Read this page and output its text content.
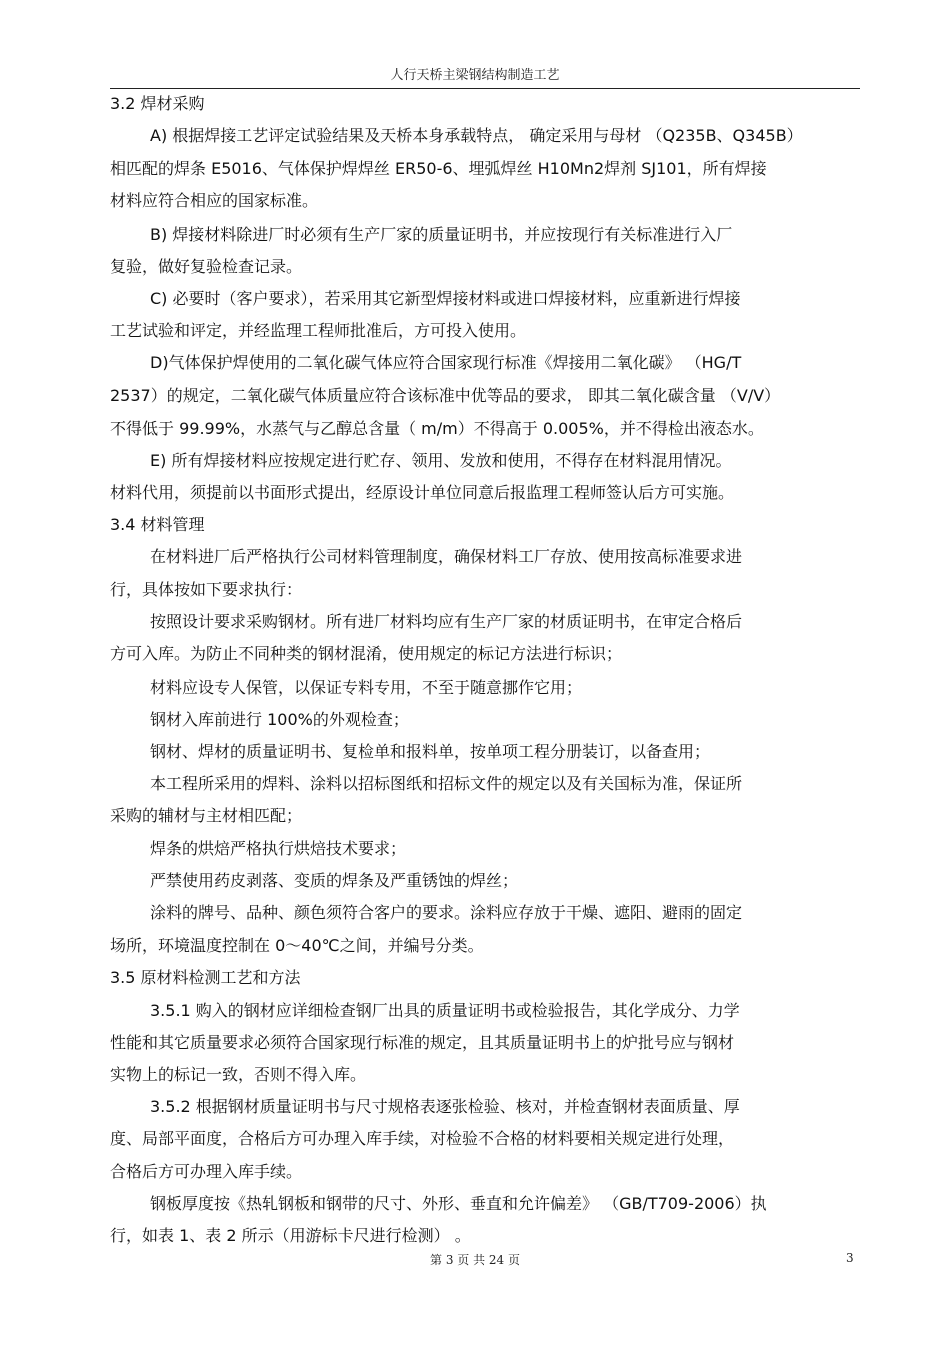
人行天桥主梁钢结构制造工艺
3.2 焊材采购
A) 根据焊接工艺评定试验结果及天桥本身承载特点， 确定采用与母材 （Q235B、Q345B）
相匹配的焊条 E5016、气体保护焊焊丝 ER50-6、埋弧焊丝 H10Mn2焊剂 SJ101，所有焊接
材料应符合相应的国家标准。
B) 焊接材料除进厂时必须有生产厂家的质量证明书，并应按现行有关标准进行入厂
复验，做好复验检查记录。
C) 必要时（客户要求），若采用其它新型焊接材料或进口焊接材料，应重新进行焊接
工艺试验和评定，并经监理工程师批准后，方可投入使用。
D)气体保护焊使用的二氧化碳气体应符合国家现行标准《焊接用二氧化碳》 （HG/T
2537）的规定，二氧化碳气体质量应符合该标准中优等品的要求， 即其二氧化碳含量 （V/V）
不得低于 99.99%，水蒸气与乙醇总含量（ m/m）不得高于 0.005%，并不得检出液态水。
E) 所有焊接材料应按规定进行贮存、领用、发放和使用，不得存在材料混用情况。
材料代用，须提前以书面形式提出，经原设计单位同意后报监理工程师签认后方可实施。
3.4 材料管理
在材料进厂后严格执行公司材料管理制度，确保材料工厂存放、使用按高标准要求进
行，具体按如下要求执行：
按照设计要求采购钢材。所有进厂材料均应有生产厂家的材质证明书，在审定合格后
方可入库。为防止不同种类的钢材混淆，使用规定的标记方法进行标识；
材料应设专人保管，以保证专料专用，不至于随意挪作它用；
钢材入库前进行 100%的外观检查；
钢材、焊材的质量证明书、复检单和报料单，按单项工程分册装订，以备查用；
本工程所采用的焊料、涂料以招标图纸和招标文件的规定以及有关国标为准，保证所
采购的辅材与主材相匹配；
焊条的烘焙严格执行烘焙技术要求；
严禁使用药皮剥落、变质的焊条及严重锈蚀的焊丝；
涂料的牌号、品种、颜色须符合客户的要求。涂料应存放于干燥、遮阳、避雨的固定
场所，环境温度控制在 0～40℃之间，并编号分类。
3.5 原材料检测工艺和方法
3.5.1 购入的钢材应详细检查钢厂出具的质量证明书或检验报告，其化学成分、力学
性能和其它质量要求必须符合国家现行标准的规定，且其质量证明书上的炉批号应与钢材
实物上的标记一致，否则不得入库。
3.5.2 根据钢材质量证明书与尺寸规格表逐张检验、核对，并检查钢材表面质量、厚
度、局部平面度，合格后方可办理入库手续，对检验不合格的材料要相关规定进行处理，
合格后方可办理入库手续。
钢板厚度按《热轧钢板和钢带的尺寸、外形、垂直和允许偏差》 （GB/T709-2006）执
行，如表 1、表 2 所示（用游标卡尺进行检测） 。
第 3 页 共 24 页	3
